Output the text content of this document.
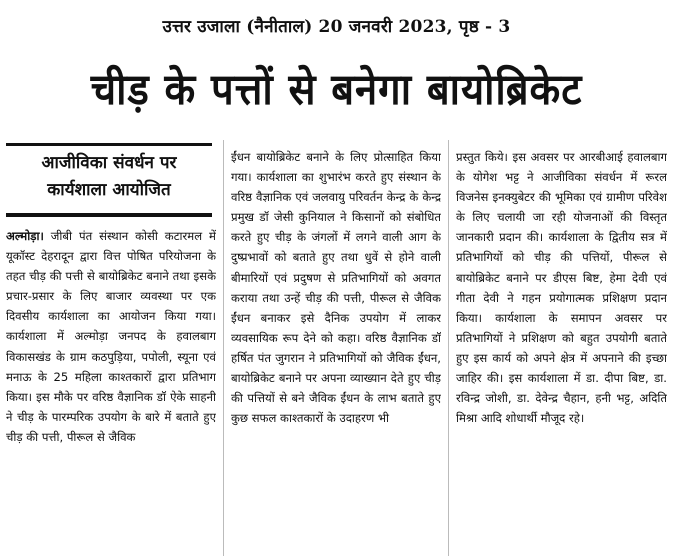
उत्तर उजाला (नैनीताल) 20 जनवरी 2023, पृष्ठ - 3
चीड़ के पत्तों से बनेगा बायोब्रिकेट
आजीविका संवर्धन पर
कार्यशाला आयोजित
अल्मोड़ा। जीबी पंत संस्थान कोसी कटारमल में यूकॉस्ट देहरादून द्वारा वित्त पोषित परियोजना के तहत चीड़ की पत्ती से बायोब्रिकेट बनाने तथा इसके प्रचार-प्रसार के लिए बाजार व्यवस्था पर एक दिवसीय कार्यशाला का आयोजन किया गया। कार्यशाला में अल्मोड़ा जनपद के हवालबाग विकासखंड के ग्राम कठपुड़िया, पपोली, स्यूना एवं मनाऊ के 25 महिला काश्तकारों द्वारा प्रतिभाग किया। इस मौके पर वरिष्ठ वैज्ञानिक डॉ ऐके साहनी ने चीड़ के पारम्परिक उपयोग के बारे में बताते हुए चीड़ की पत्ती, पीरूल से जैविक
ईंधन बायोब्रिकेट बनाने के लिए प्रोत्साहित किया गया। कार्यशाला का शुभारंभ करते हुए संस्थान के वरिष्ठ वैज्ञानिक एवं जलवायु परिवर्तन केन्द्र के केन्द्र प्रमुख डॉ जेसी कुनियाल ने किसानों को संबोधित करते हुए चीड़ के जंगलों में लगने वाली आग के दुष्प्रभावों को बताते हुए तथा धुवें से होने वाली बीमारियों एवं प्रदुषण से प्रतिभागियों को अवगत कराया तथा उन्हें चीड़ की पत्ती, पीरूल से जैविक ईंधन बनाकर इसे दैनिक उपयोग में लाकर व्यवसायिक रूप देने को कहा। वरिष्ठ वैज्ञानिक डॉ हर्षित पंत जुगरान ने प्रतिभागियों को जैविक ईंधन, बायोब्रिकेट बनाने पर अपना व्याख्यान देते हुए चीड़ की पत्तियों से बने जैविक ईंधन के लाभ बताते हुए कुछ सफल काश्तकारों के उदाहरण भी
प्रस्तुत किये। इस अवसर पर आरबीआई हवालबाग के योगेश भट्ट ने आजीविका संवर्धन में रूरल विजनेस इनक्युबेटर की भूमिका एवं ग्रामीण परिवेश के लिए चलायी जा रही योजनाओं की विस्तृत जानकारी प्रदान की। कार्यशाला के द्वितीय सत्र में प्रतिभागियों को चीड़ की पत्तियों, पीरूल से बायोब्रिकेट बनाने पर डीएस बिष्ट, हेमा देवी एवं गीता देवी ने गहन प्रयोगात्मक प्रशिक्षण प्रदान किया। कार्यशाला के समापन अवसर पर प्रतिभागियों ने प्रशिक्षण को बहुत उपयोगी बताते हुए इस कार्य को अपने क्षेत्र में अपनाने की इच्छा जाहिर की। इस कार्यशाला में डा. दीपा बिष्ट, डा. रविन्द्र जोशी, डा. देवेन्द्र चैहान, हनी भट्ट, अदिति मिश्रा आदि शोधार्थी मौजूद रहे।
